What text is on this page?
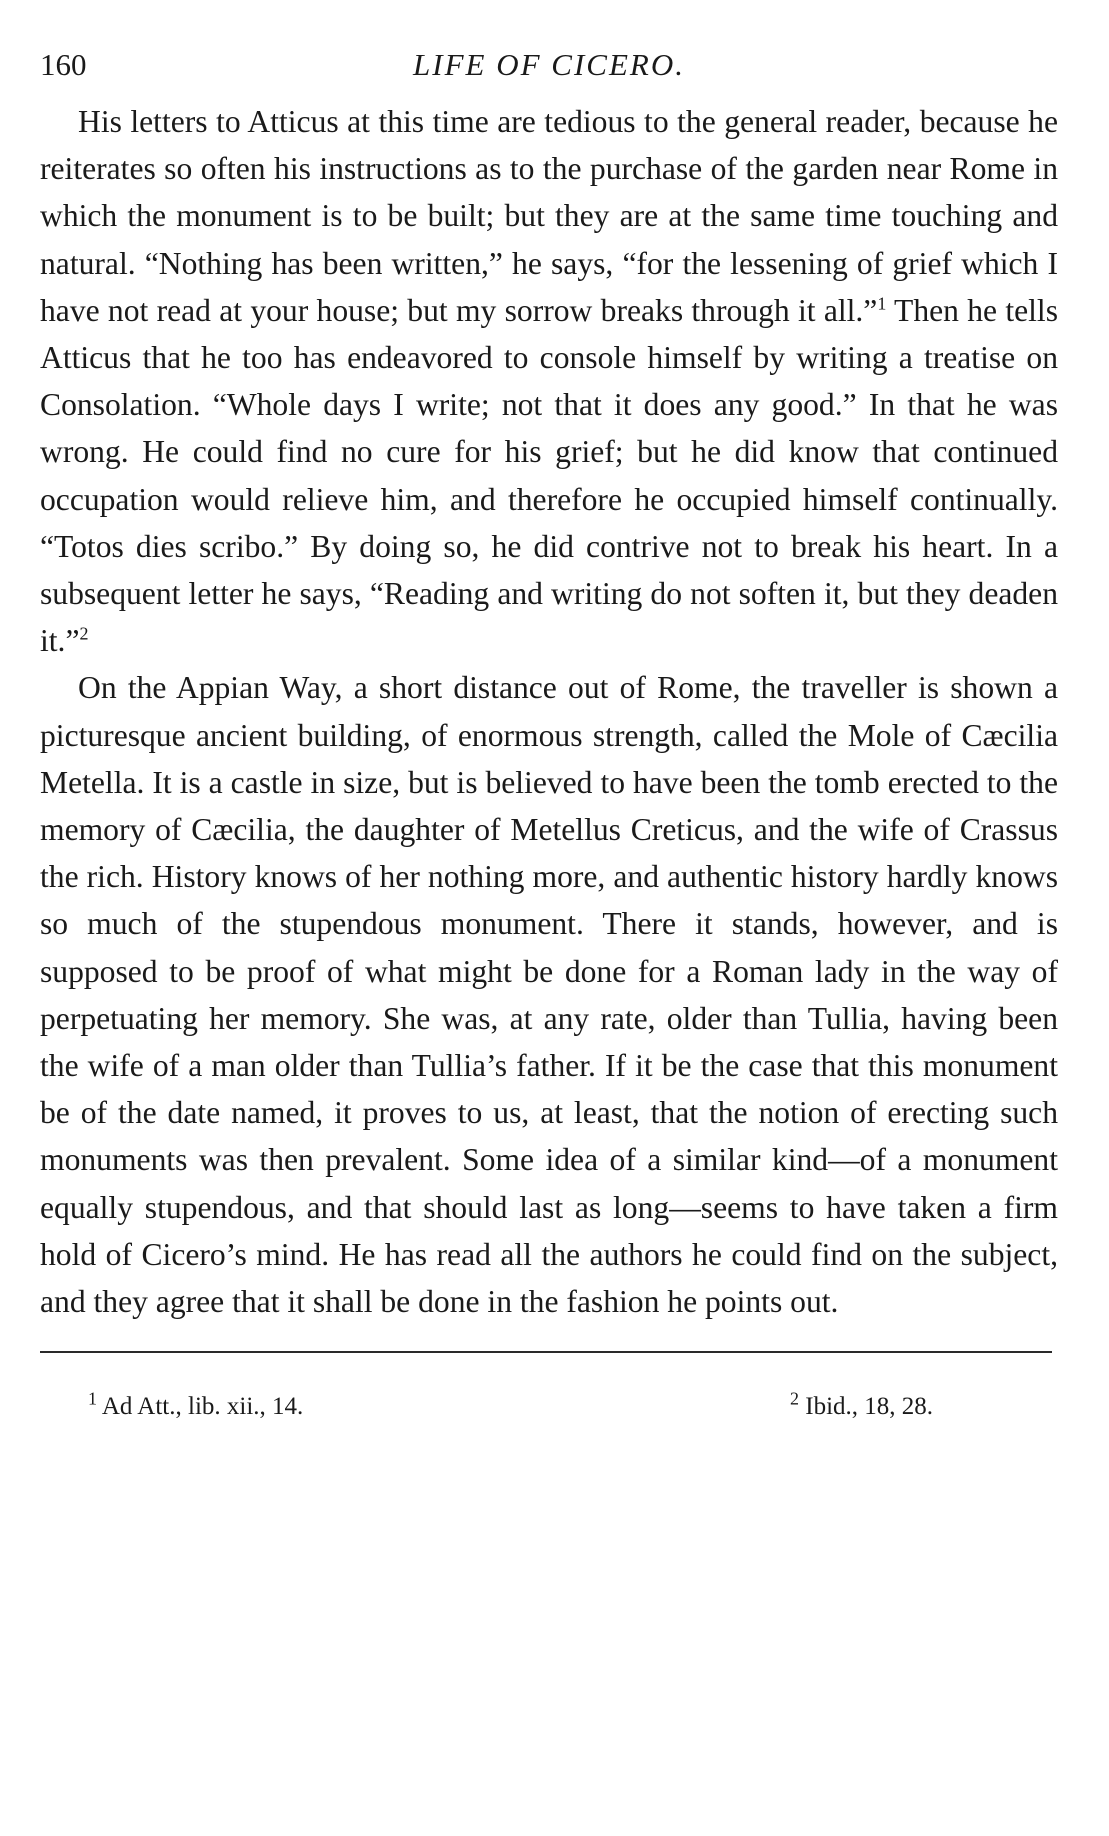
160	LIFE OF CICERO.

His letters to Atticus at this time are tedious to the general reader, because he reiterates so often his instructions as to the purchase of the garden near Rome in which the monument is to be built; but they are at the same time touching and natural. “Nothing has been written,” he says, “for the lessening of grief which I have not read at your house; but my sorrow breaks through it all.”$^1$ Then he tells Atticus that he too has endeavored to console himself by writing a treatise on Consolation. “Whole days I write; not that it does any good.” In that he was wrong. He could find no cure for his grief; but he did know that continued occupation would relieve him, and therefore he occupied himself continually. “Totos dies scribo.” By doing so, he did contrive not to break his heart. In a subsequent letter he says, “Reading and writing do not soften it, but they deaden it.”$^2$

On the Appian Way, a short distance out of Rome, the traveller is shown a picturesque ancient building, of enormous strength, called the Mole of Cæcilia Metella. It is a castle in size, but is believed to have been the tomb erected to the memory of Cæcilia, the daughter of Metellus Creticus, and the wife of Crassus the rich. History knows of her nothing more, and authentic history hardly knows so much of the stupendous monument. There it stands, however, and is supposed to be proof of what might be done for a Roman lady in the way of perpetuating her memory. She was, at any rate, older than Tullia, having been the wife of a man older than Tullia’s father. If it be the case that this monument be of the date named, it proves to us, at least, that the notion of erecting such monuments was then prevalent. Some idea of a similar kind—of a monument equally stupendous, and that should last as long—seems to have taken a firm hold of Cicero’s mind. He has read all the authors he could find on the subject, and they agree that it shall be done in the fashion he points out.

$^1$ Ad Att., lib. xii., 14.	$^2$ Ibid., 18, 28.
